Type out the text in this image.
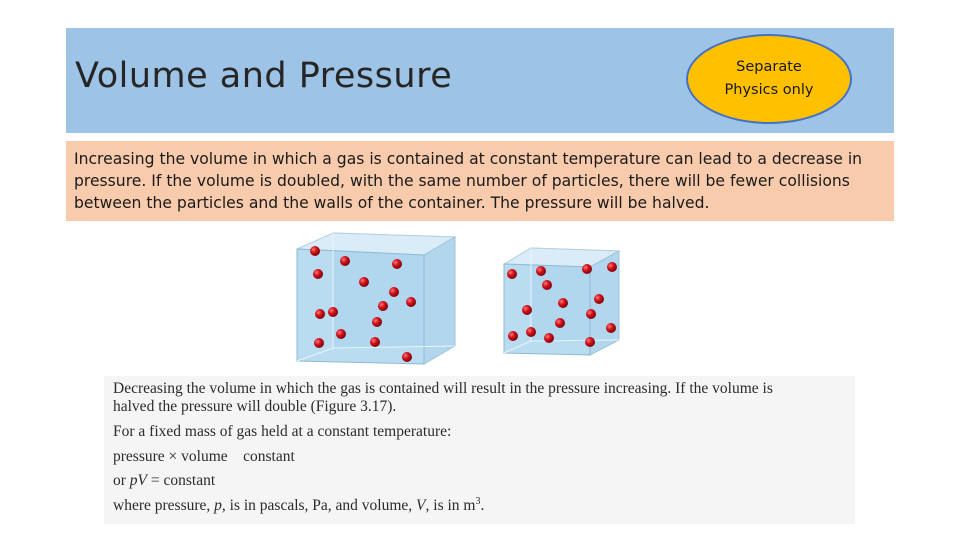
Volume and Pressure	Separate
Physics only
Increasing the volume in which a gas is contained at constant temperature can lead to a decrease in pressure. If the volume is doubled, with the same number of particles, there will be fewer collisions between the particles and the walls of the container. The pressure will be halved.
Decreasing the volume in which the gas is contained will result in the pressure increasing. If the volume is
halved the pressure will double (Figure 3.17).
For a fixed mass of gas held at a constant temperature:
pressure × volume    constant
or pV = constant
where pressure, p, is in pascals, Pa, and volume, V, is in $m^3$.
